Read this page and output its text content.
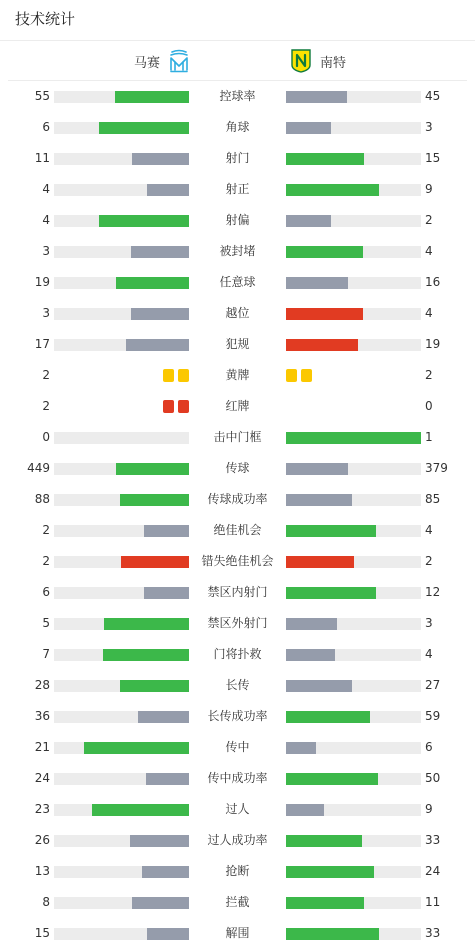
技术统计
马赛	南特
55	控球率	45
6	角球	3
11	射门	15
4	射正	9
4	射偏	2
3	被封堵	4
19	任意球	16
3	越位	4
17	犯规	19
2	黄牌	2
2	红牌	0
0	击中门框	1
449	传球	379
88	传球成功率	85
2	绝佳机会	4
2	错失绝佳机会	2
6	禁区内射门	12
5	禁区外射门	3
7	门将扑救	4
28	长传	27
36	长传成功率	59
21	传中	6
24	传中成功率	50
23	过人	9
26	过人成功率	33
13	抢断	24
8	拦截	11
15	解围	33
